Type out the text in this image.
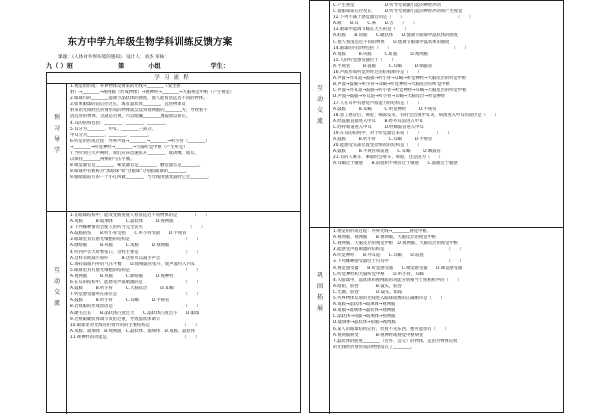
东方中学九年级生物学科训练反馈方案
课题：《人体对外界环境的感知》 设计人：刘杰 审核：
九（ ）班	第	小组	学生：
学习流程
预

习

导

学
1.视觉的形成：外界物体反射来的光线→________（发生折
射）→________→视网膜（形成物像）→视神经→________→大脑视觉中枢（产生视觉）
2.眼球内的________能调节晶状体的曲度，使人能看清远近不同的物体。
3.如果眼球的前后径过长，或者晶状体________，远处物体反
射来的光线经过折射形成的物像就会落到视网膜的________方，导致看不
清远处的物体，这就是近视，可以配戴________透镜加以矫正。
4.耳的结构包括：________、________、________。
5.耳分为________、中耳、________三部分。
中耳分为________、________、________。
6.听觉的形成过程：外界声波→________→________→听小骨（________）
→________→听觉神经→________→大脑听觉中枢（产生听觉）
7.当听到巨大声响时，我们应该迅速张开________，或闭嘴、堵耳，
以保持________两侧的气压平衡。
8.嗅觉器官是________，味觉器官是________，触觉器官是________。
9.眼球中有被称为"黑眼珠"和"白眼珠"分别指眼球的________。
9.眼睛最前方的一个小孔叫做________，当光线由强变弱时它会________。
互

动

交

流
1.在眼球结构中，能改变曲度使人看清远近不同物体的是　　　　（　　）
A.角膜　　　B.玻璃体　　　C.晶状体　　　D.视网膜
2.下列哪种情况会使人的听力完全丧失　　　　　　　　　　　（　　）
A.鼓膜损伤　　B.听小骨受损　　C.听小骨受损　　D.半规管
3.眼球里具有感光细胞的结构是　　　　　　　　　　　　　（　　）
A.脉络膜　　　B.巩膜　　　C.角膜　　　D.视网膜
4.听到声音大时要张口，这样主要是　　　　　　　　　　　（　　）
A.这样有助减小惊吓　　　B.这样可以减少声音
C.保持鼓膜内外的气压平衡　　D.使咽鼓管张开，使声波传入内耳
5.眼球里具有感光细胞的结构是　　　　　　　　　　　　　（　　）
A.视网膜　　　B.巩膜　　　C.脉络膜　　　D.视神经
6.在耳的结构中，能感受声波刺激的是　　　　　　　　　　（　　）
A.鼓膜　　　B.听小骨　　　C.大脑皮层　　　D.耳蜗
7.听觉感受器所在部位是　　　　　　　　　　　　　　　　（　　）
A.鼓膜　　　B.听小骨　　　C.耳蜗　　　D.半规管
8.近视眼的形成原因是　　　　　　　　　　　　　　　　　（　　）
A.睫毛过长　　B.晶状体凸度过大　　C.晶状体凸度过小　　D.眼球
9.近视眼睫状体调节负担过重，导致晶状体调节
10.眼球里对光线有折射作用的主要结构是　　　　　　　　（　　）
A.角膜、玻璃体　B.视网膜　C.晶状体、玻璃体　D.角膜、晶状体
11.视神经的功能是　　　　　　　　　　　　　　　　　　（　　）
互

动

交

流
C.产生视觉　　　　　　　D.传导光刺激引起的神经冲动
C.使眼球前后径变长　　　D.传导光刺激引起的神经冲动和产生视觉
12.下列不属于感觉器官的是（　　）　　　　　　　　　　　　　（　　）
A.眼　　B.耳　　C.鼻　　D.舌　　（　　）
13.眼球中能调节瞳孔大小的是（　　）
A.虹膜　　B.角膜　　C.睫状体　　D.使调节眼球中晶状体的曲度
C.使人看清远近不同的物体　　D.使调节眼球中晶状体的曲度
14.眼球的内容物包括（　　）　　　　　　　　　　　　　　　（　　）
A.角膜　　　B.巩膜　　　C.虹膜　　　D.视网膜
15.人的听觉感受器位于（　　）
A.半规管　　　B.鼓膜　　　C.耳蜗　　　D.咽鼓管
16.声波形成听觉所经过的结构顺序是（　　）
A.声波→外耳道→鼓膜→听小骨→耳蜗→听觉神经→大脑皮层的听觉中枢
B.声波→鼓膜→听小骨→耳蜗→听觉神经→大脑皮层的听觉中枢
C.声波→外耳道→鼓膜→听小骨→听觉神经→耳蜗→大脑皮层的听觉中枢
D.声波→鼓膜→外耳道→听小骨→耳蜗→大脑皮层→听觉神经
17.人在耳中有感觉声波能力的结构是（　　）
A.鼓膜　　　B.耳蜗　　　C.听觉神经　　　D.半规管
18.患了感冒后，鼻腔、咽部发炎，有时会出现中耳炎，病菌进入中耳的途径是（　　）
A.经鼓膜直接进入中耳　　B.经外耳道进入中耳
C.经呼吸道进入中耳　　　D.经咽鼓管进入中耳
19.在耳的结构中，对于听觉器官来说（　　）　　　　（　　）
A.鼓膜　　　B.听小骨　　　C.耳蜗　　　D.半规管
20.能感受头部位置变动情况的结构是（　　）
A.鼓膜　　　B.半规管和前庭　　C.耳蜗　　　D.咽鼓管
21.有的人乘车、乘船时会晕车、晕船，这是因为（　　）
A.耳蜗过于敏感　　B.前庭和半规管过于敏感　　C.鼓膜过于敏感
巩

固

拓

展
1.视觉的形成过程：外界光线→________视觉中枢。
A.视网膜、视网膜　　B.视网膜、大脑皮层的视觉中枢
C.视网膜、大脑皮层的视觉中枢　D.视网膜、大脑皮层的视觉中枢
2.能感受声波刺激的结构是　　　　　　　　　　　　　　　（　　）
A.听觉神经　　B.外耳道　　C.耳蜗　　D.前庭
3.下列哪种感受器位于内耳中　　　　　　　　　　　　　　（　　）
A.视觉感受器　　B.听觉感受器　　C.嗅觉感受器　　D.味觉感受器
C.听觉神经和大脑听觉中枢　　D.听小骨、耳蜗
4.人眼球中，晶状体和视网膜的功能分别相当于照相机中的（　　）
A.暗箱、胶卷　　　　B.镜头、胶卷
C.光圈、胶卷　　　　D.镜头、暗箱
5.外界物体反射的光线进入眼球成像的正确顺序是（　　）
A.角膜→晶状体→玻璃体→视网膜
B.角膜→玻璃体→晶状体→视网膜
C.晶状体→角膜→玻璃体→视网膜
D.玻璃体→晶状体→角膜→视网膜
6.某人的眼球结构完好，但看不见东西，他可能患有（　　）
A.视网膜病变　　　　B.视神经或视觉中枢病变
7.晶状体的曲度________（近外、远交）的物体，是因为物体反射
的光线经折射形成的物像落在了________。
